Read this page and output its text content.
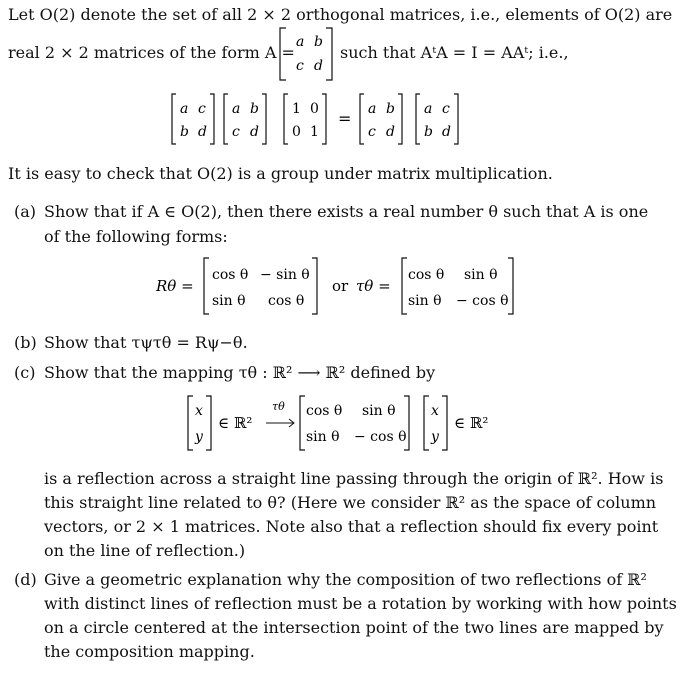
Let O(2) denote the set of all 2 × 2 orthogonal matrices, i.e., elements of O(2) are
real 2 × 2 matrices of the form A =
a b
c d
such that AᵗA = I = AAᵗ; i.e.,
a c
b d
a b
c d
1 0
0 1
= a b
c d
a c
b d
It is easy to check that O(2) is a group under matrix multiplication.
(a) Show that if A ∈ O(2), then there exists a real number θ such that A is one
of the following forms:
Rθ =
cos θ − sin θ
sin θ cos θ
or τθ =
cos θ sin θ
sin θ − cos θ
(b) Show that τψτθ = Rψ−θ.
(c) Show that the mapping τθ : ℝ² ⟶ ℝ² defined by
x
y
∈ ℝ²
τθ cos θ sin θ
sin θ − cos θ
x
y
∈ ℝ²
is a reflection across a straight line passing through the origin of ℝ². How is
this straight line related to θ? (Here we consider ℝ² as the space of column
vectors, or 2 × 1 matrices. Note also that a reflection should fix every point
on the line of reflection.)
(d) Give a geometric explanation why the composition of two reflections of ℝ²
with distinct lines of reflection must be a rotation by working with how points
on a circle centered at the intersection point of the two lines are mapped by
the composition mapping.
